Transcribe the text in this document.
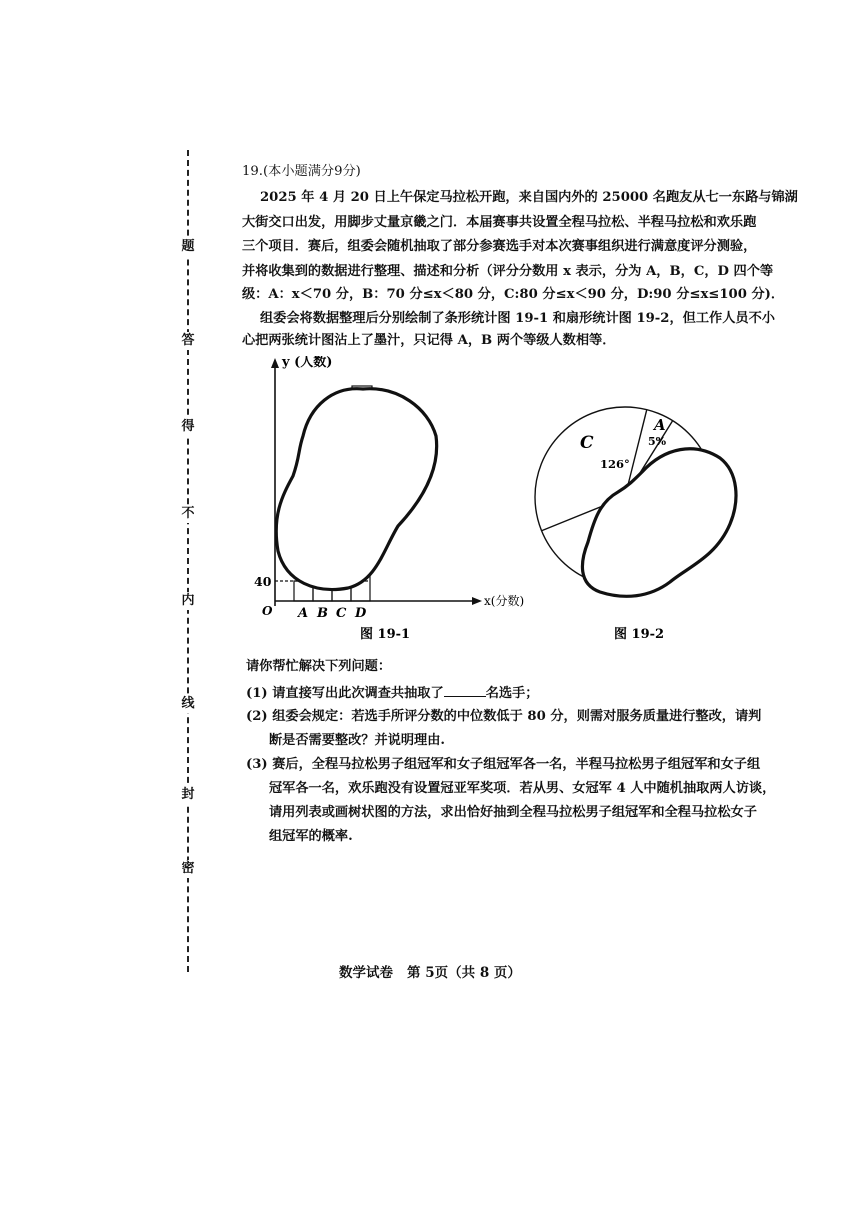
题
答
得
不
内
线
封
密
19.(本小题满分9分)
2025 年 4 月 20 日上午保定马拉松开跑，来自国内外的 25000 名跑友从七一东路与锦湖
大街交口出发，用脚步丈量京畿之门．本届赛事共设置全程马拉松、半程马拉松和欢乐跑
三个项目．赛后，组委会随机抽取了部分参赛选手对本次赛事组织进行满意度评分测验，
并将收集到的数据进行整理、描述和分析（评分分数用 x 表示，分为 A，B，C，D 四个等
级：A：x＜70 分，B：70 分≤x＜80 分，C:80 分≤x＜90 分，D:90 分≤x≤100 分)．
组委会将数据整理后分别绘制了条形统计图 19-1 和扇形统计图 19-2，但工作人员不小
心把两张统计图沾上了墨汁，只记得 A，B 两个等级人数相等．
y (人数)
x(分数)
O
40
A B C D
图 19-1
C
A
5%
126°
图 19-2
请你帮忙解决下列问题：
(1) 请直接写出此次调查共抽取了	名选手；
(2) 组委会规定：若选手所评分数的中位数低于 80 分，则需对服务质量进行整改，请判
断是否需要整改？并说明理由.
(3) 赛后，全程马拉松男子组冠军和女子组冠军各一名，半程马拉松男子组冠军和女子组
冠军各一名，欢乐跑没有设置冠亚军奖项．若从男、女冠军 4 人中随机抽取两人访谈，
请用列表或画树状图的方法，求出恰好抽到全程马拉松男子组冠军和全程马拉松女子
组冠军的概率.
数学试卷 第 5页（共 8 页）
